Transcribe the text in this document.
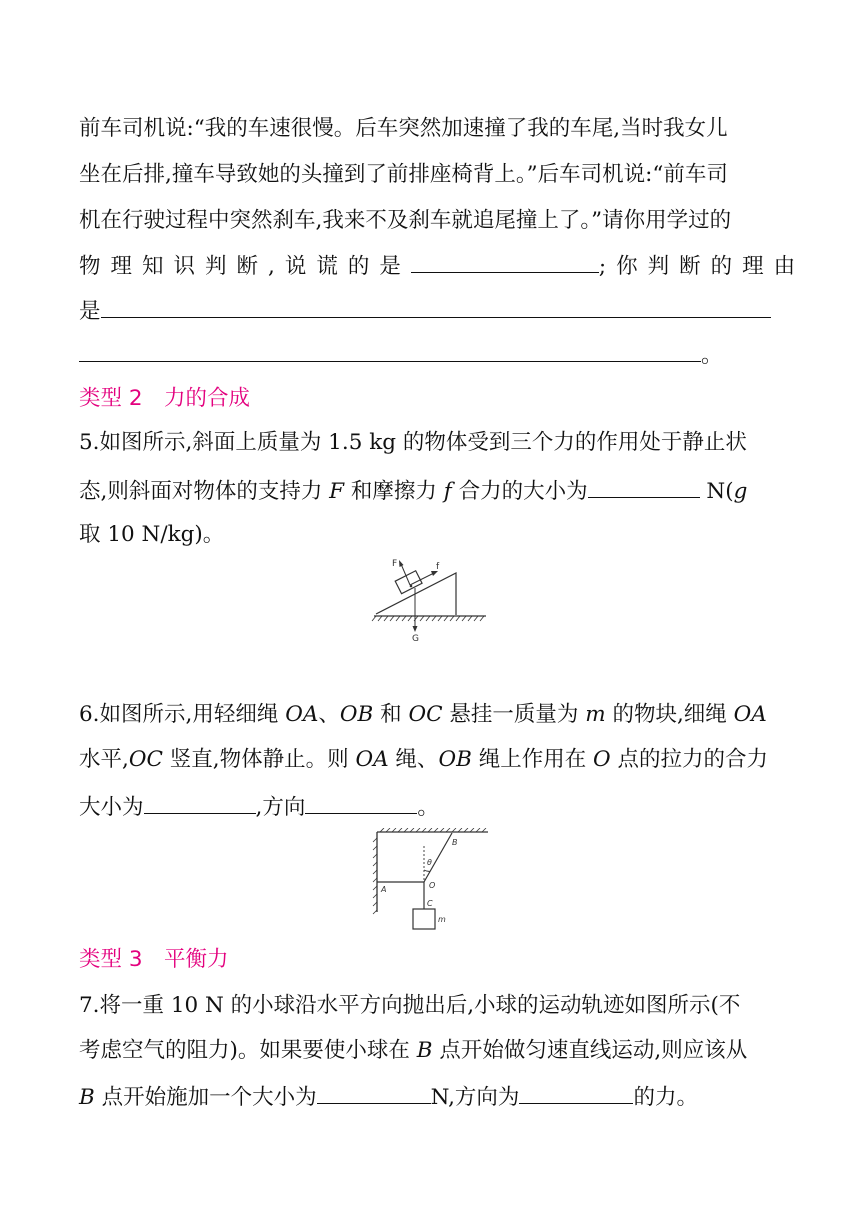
前车司机说:“我的车速很慢。后车突然加速撞了我的车尾,当时我女儿
坐在后排,撞车导致她的头撞到了前排座椅背上。”后车司机说:“前车司
机在行驶过程中突然刹车,我来不及刹车就追尾撞上了。”请你用学过的
物理知识判断,说谎的是	;你判断的理由
是
。
类型 2　力的合成
5.如图所示,斜面上质量为 1.5 kg 的物体受到三个力的作用处于静止状
态,则斜面对物体的支持力 F 和摩擦力 f 合力的大小为	N(g
取 10 N/kg)。
F	f
G
6.如图所示,用轻细绳 OA、OB 和 OC 悬挂一质量为 m 的物块,细绳 OA
水平,OC 竖直,物体静止。则 OA 绳、OB 绳上作用在 O 点的拉力的合力
大小为	,方向	。
A
B
O
C
m
θ
类型 3　平衡力
7.将一重 10 N 的小球沿水平方向抛出后,小球的运动轨迹如图所示(不
考虑空气的阻力)。如果要使小球在 B 点开始做匀速直线运动,则应该从
B 点开始施加一个大小为	N,方向为	的力。
